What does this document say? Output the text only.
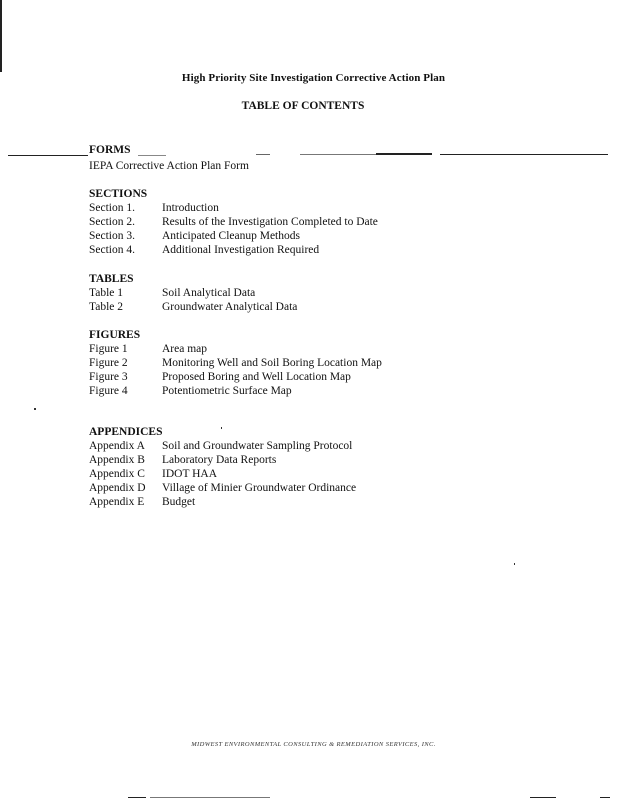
High Priority Site Investigation Corrective Action Plan
TABLE OF CONTENTS
FORMS
IEPA Corrective Action Plan Form
SECTIONS
Section 1. Introduction
Section 2. Results of the Investigation Completed to Date
Section 3. Anticipated Cleanup Methods
Section 4. Additional Investigation Required
TABLES
Table 1	Soil Analytical Data
Table 2	Groundwater Analytical Data
FIGURES
Figure 1	Area map
Figure 2	Monitoring Well and Soil Boring Location Map
Figure 3	Proposed Boring and Well Location Map
Figure 4	Potentiometric Surface Map
APPENDICES
Appendix A Soil and Groundwater Sampling Protocol
Appendix B Laboratory Data Reports
Appendix C IDOT HAA
Appendix D Village of Minier Groundwater Ordinance
Appendix E Budget
MIDWEST ENVIRONMENTAL CONSULTING & REMEDIATION SERVICES, INC.
